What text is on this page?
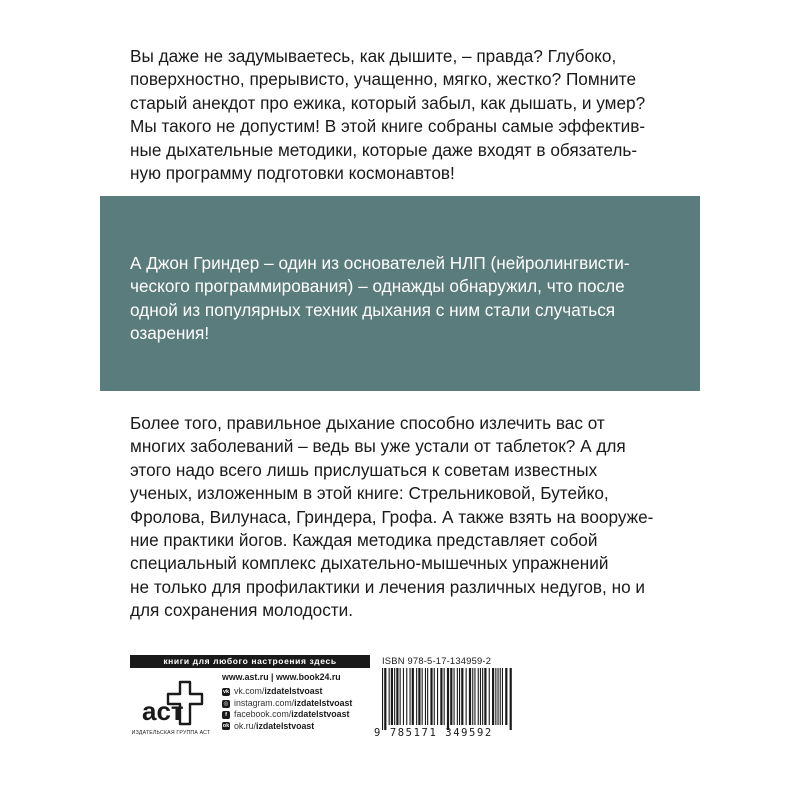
Вы даже не задумываетесь, как дышите, – правда? Глубоко,
поверхностно, прерывисто, учащенно, мягко, жестко? Помните
старый анекдот про ежика, который забыл, как дышать, и умер?
Мы такого не допустим! В этой книге собраны самые эффектив-
ные дыхательные методики, которые даже входят в обязатель-
ную программу подготовки космонавтов!
А Джон Гриндер – один из основателей НЛП (нейролингвисти-
ческого программирования) – однажды обнаружил, что после
одной из популярных техник дыхания с ним стали случаться
озарения!
Более того, правильное дыхание способно излечить вас от
многих заболеваний – ведь вы уже устали от таблеток? А для
этого надо всего лишь прислушаться к советам известных
ученых, изложенным в этой книге: Стрельниковой, Бутейко,
Фролова, Вилунаса, Гриндера, Грофа. А также взять на вооруже-
ние практики йогов. Каждая методика представляет собой
специальный комплекс дыхательно-мышечных упражнений
не только для профилактики и лечения различных недугов, но и
для сохранения молодости.
книги для любого настроения здесь
аст
ИЗДАТЕЛЬСКАЯ ГРУППА АСТ
www.ast.ru | www.book24.ru
vk vk.com/ izdatelstvoast
◎ instagram.com/ izdatelstvoast
f facebook.com/ izdatelstvoast
ok ok.ru/ izdatelstvoast
ISBN 978-5-17-134959-2
9 785171 349592
